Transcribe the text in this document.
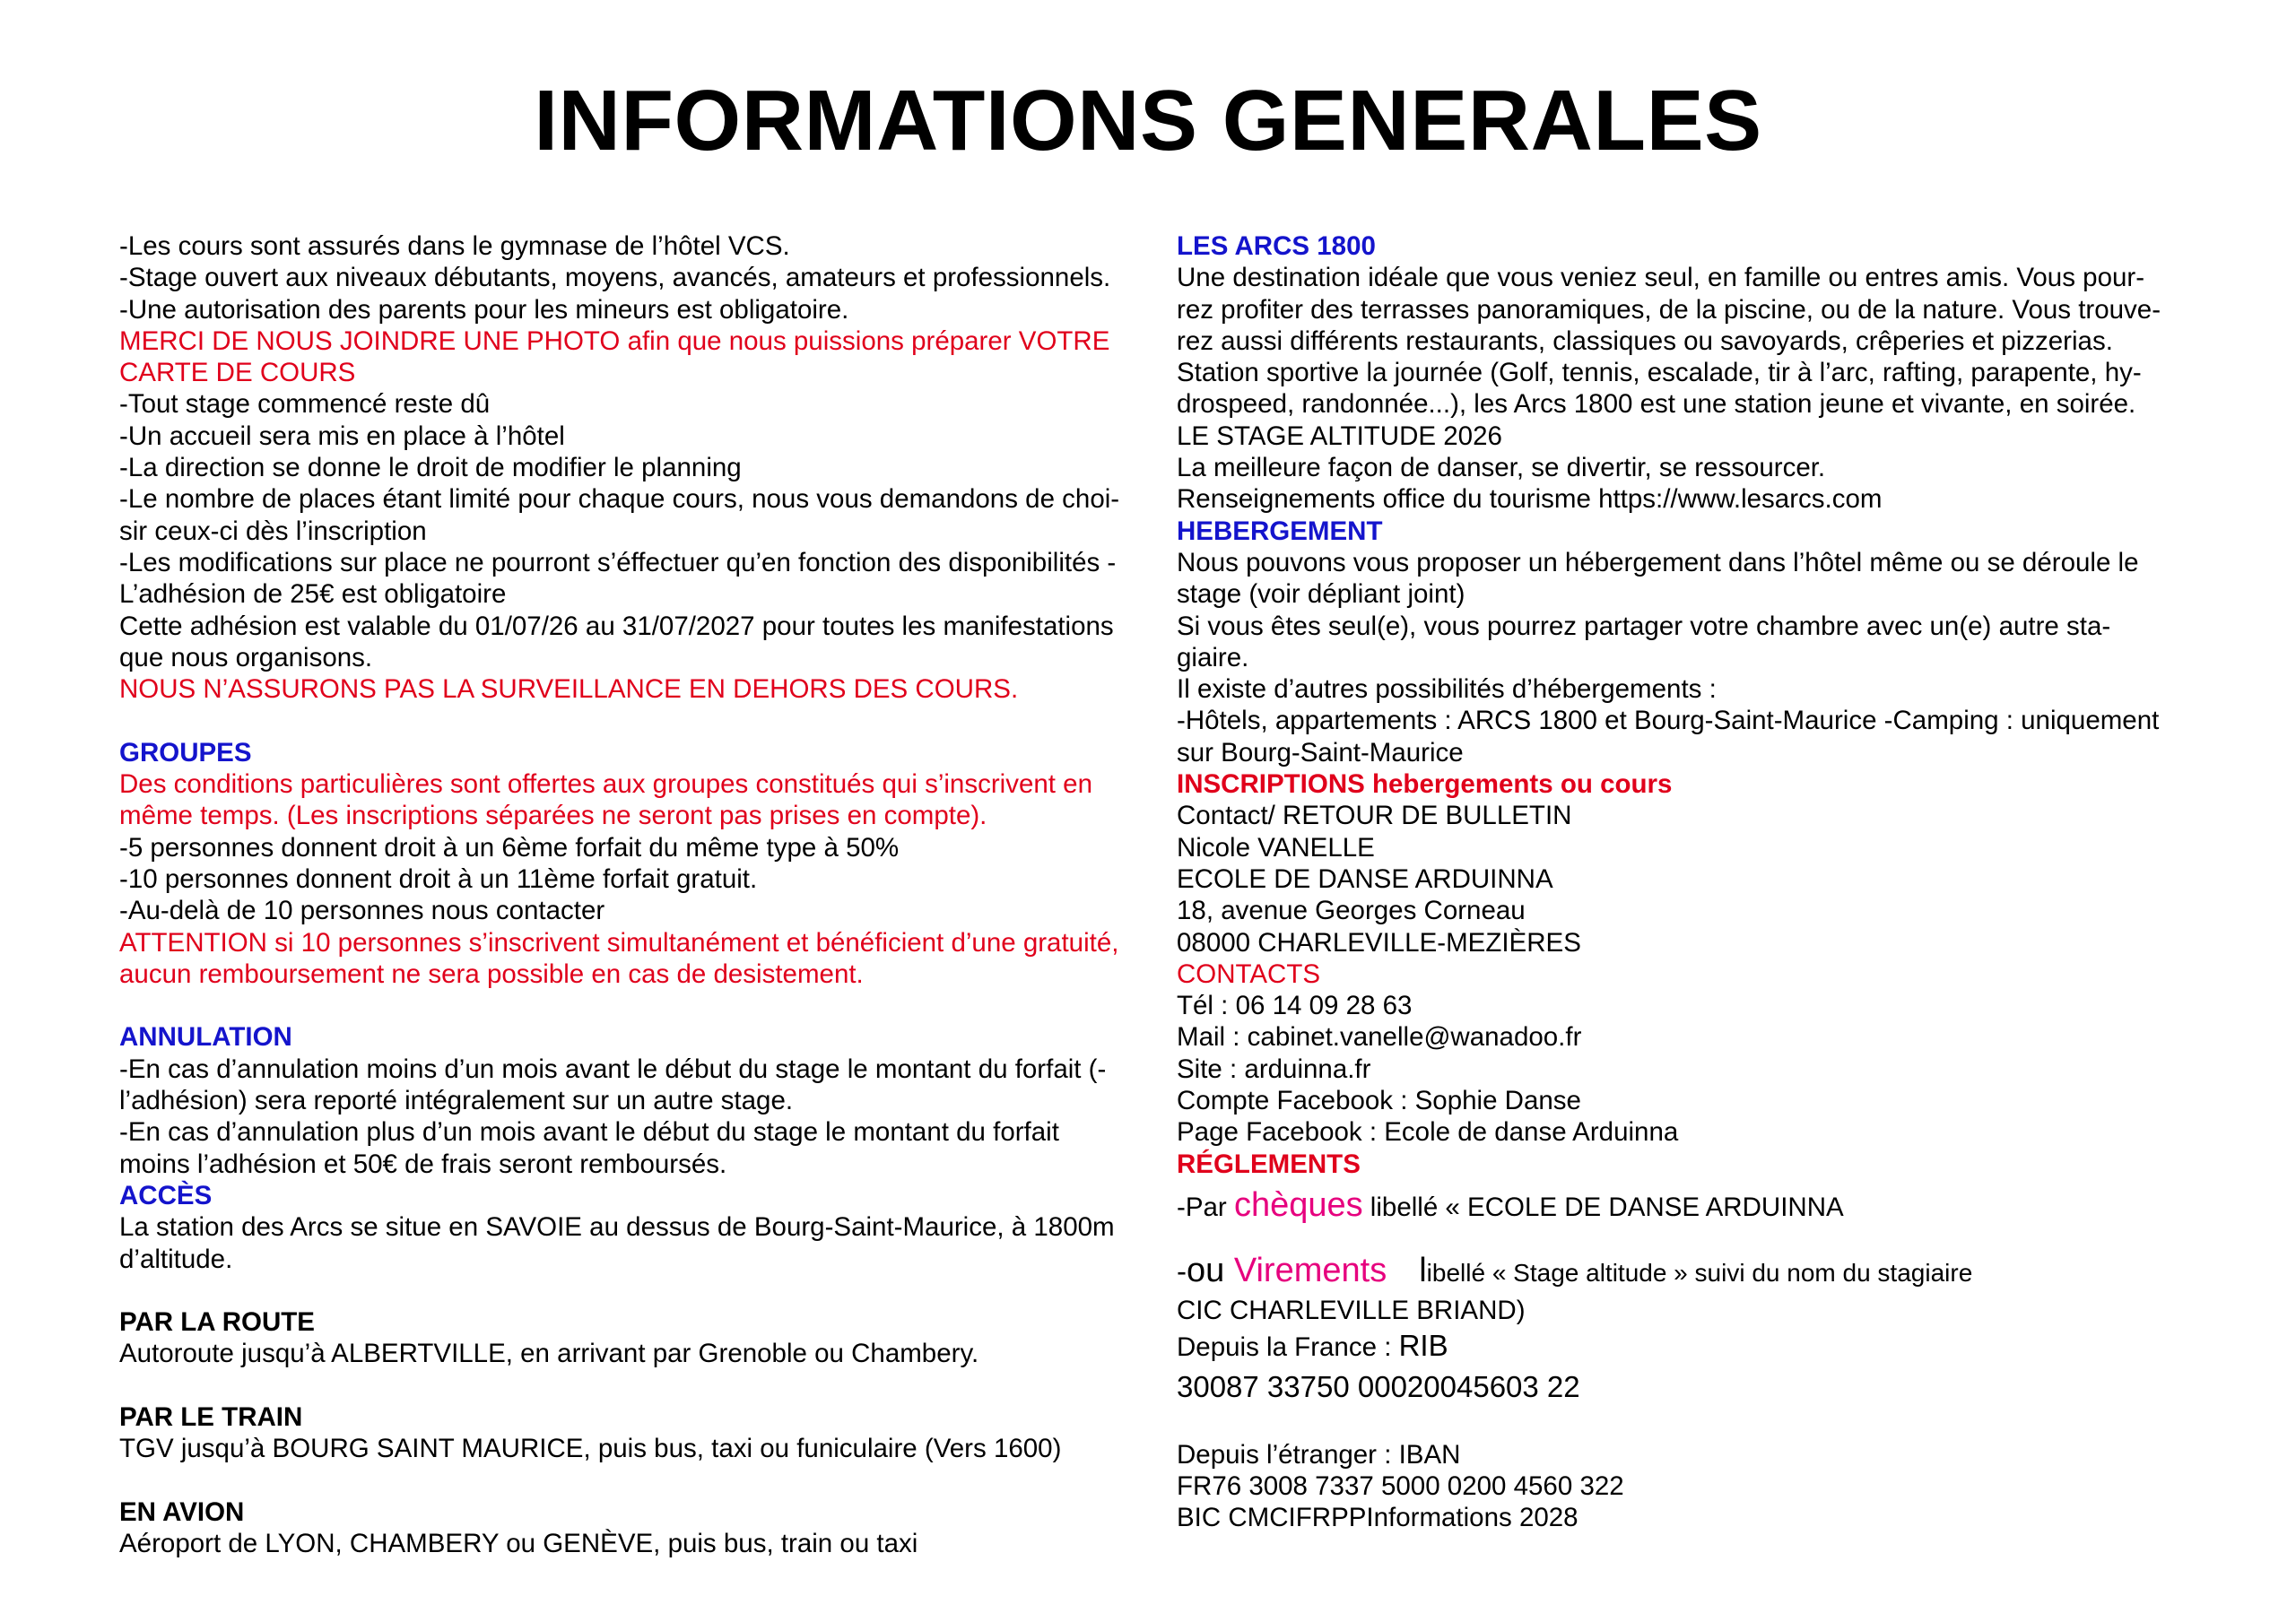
INFORMATIONS GENERALES
-Les cours sont assurés dans le gymnase de l’hôtel VCS.
-Stage ouvert aux niveaux débutants, moyens, avancés, amateurs et professionnels.
-Une autorisation des parents pour les mineurs est obligatoire.
MERCI DE NOUS JOINDRE UNE PHOTO afin que nous puissions préparer VOTRE
CARTE DE COURS
-Tout stage commencé reste dû
-Un accueil sera mis en place à l’hôtel
-La direction se donne le droit de modifier le planning
-Le nombre de places étant limité pour chaque cours, nous vous demandons de choi-
sir ceux-ci dès l’inscription
-Les modifications sur place ne pourront s’éffectuer qu’en fonction des disponibilités -
L’adhésion de 25€ est obligatoire
Cette adhésion est valable du 01/07/26 au 31/07/2027 pour toutes les manifestations
que nous organisons.
NOUS N’ASSURONS PAS LA SURVEILLANCE EN DEHORS DES COURS.
GROUPES
Des conditions particulières sont offertes aux groupes constitués qui s’inscrivent en
même temps. (Les inscriptions séparées ne seront pas prises en compte).
-5 personnes donnent droit à un 6ème forfait du même type à 50%
-10 personnes donnent droit à un 11ème forfait gratuit.
-Au-delà de 10 personnes nous contacter
ATTENTION si 10 personnes s’inscrivent simultanément et bénéficient d’une gratuité,
aucun remboursement ne sera possible en cas de desistement.
ANNULATION
-En cas d’annulation moins d’un mois avant le début du stage le montant du forfait (-
l’adhésion) sera reporté intégralement sur un autre stage.
-En cas d’annulation plus d’un mois avant le début du stage le montant du forfait
moins l’adhésion et 50€ de frais seront remboursés.
ACCÈS
La station des Arcs se situe en SAVOIE au dessus de Bourg-Saint-Maurice, à 1800m
d’altitude.
PAR LA ROUTE
Autoroute jusqu’à ALBERTVILLE, en arrivant par Grenoble ou Chambery.
PAR LE TRAIN
TGV jusqu’à BOURG SAINT MAURICE, puis bus, taxi ou funiculaire (Vers 1600)
EN AVION
Aéroport de LYON, CHAMBERY ou GENÈVE, puis bus, train ou taxi
LES ARCS 1800
Une destination idéale que vous veniez seul, en famille ou entres amis. Vous pour-
rez profiter des terrasses panoramiques, de la piscine, ou de la nature. Vous trouve-
rez aussi différents restaurants, classiques ou savoyards, crêperies et pizzerias.
Station sportive la journée (Golf, tennis, escalade, tir à l’arc, rafting, parapente, hy-
drospeed, randonnée...), les Arcs 1800 est une station jeune et vivante, en soirée.
LE STAGE ALTITUDE 2026
La meilleure façon de danser, se divertir, se ressourcer.
Renseignements office du tourisme https://www.lesarcs.com
HEBERGEMENT
Nous pouvons vous proposer un hébergement dans l’hôtel même ou se déroule le
stage (voir dépliant joint)
Si vous êtes seul(e), vous pourrez partager votre chambre avec un(e) autre sta-
giaire.
Il existe d’autres possibilités d’hébergements :
-Hôtels, appartements : ARCS 1800 et Bourg-Saint-Maurice -Camping : uniquement
sur Bourg-Saint-Maurice
INSCRIPTIONS hebergements ou cours
Contact/ RETOUR DE BULLETIN
Nicole VANELLE
ECOLE DE DANSE ARDUINNA
18, avenue Georges Corneau
08000 CHARLEVILLE-MEZIÈRES
CONTACTS
Tél : 06 14 09 28 63
Mail : cabinet.vanelle@wanadoo.fr
Site : arduinna.fr
Compte Facebook : Sophie Danse
Page Facebook : Ecole de danse Arduinna
RÉGLEMENTS
-Par chèques libellé « ECOLE DE DANSE ARDUINNA
-ou Virements libellé « Stage altitude » suivi du nom du stagiaire
CIC CHARLEVILLE BRIAND)
Depuis la France : RIB
30087 33750 00020045603 22
Depuis l’étranger : IBAN
FR76 3008 7337 5000 0200 4560 322
BIC CMCIFRPPInformations 2028
